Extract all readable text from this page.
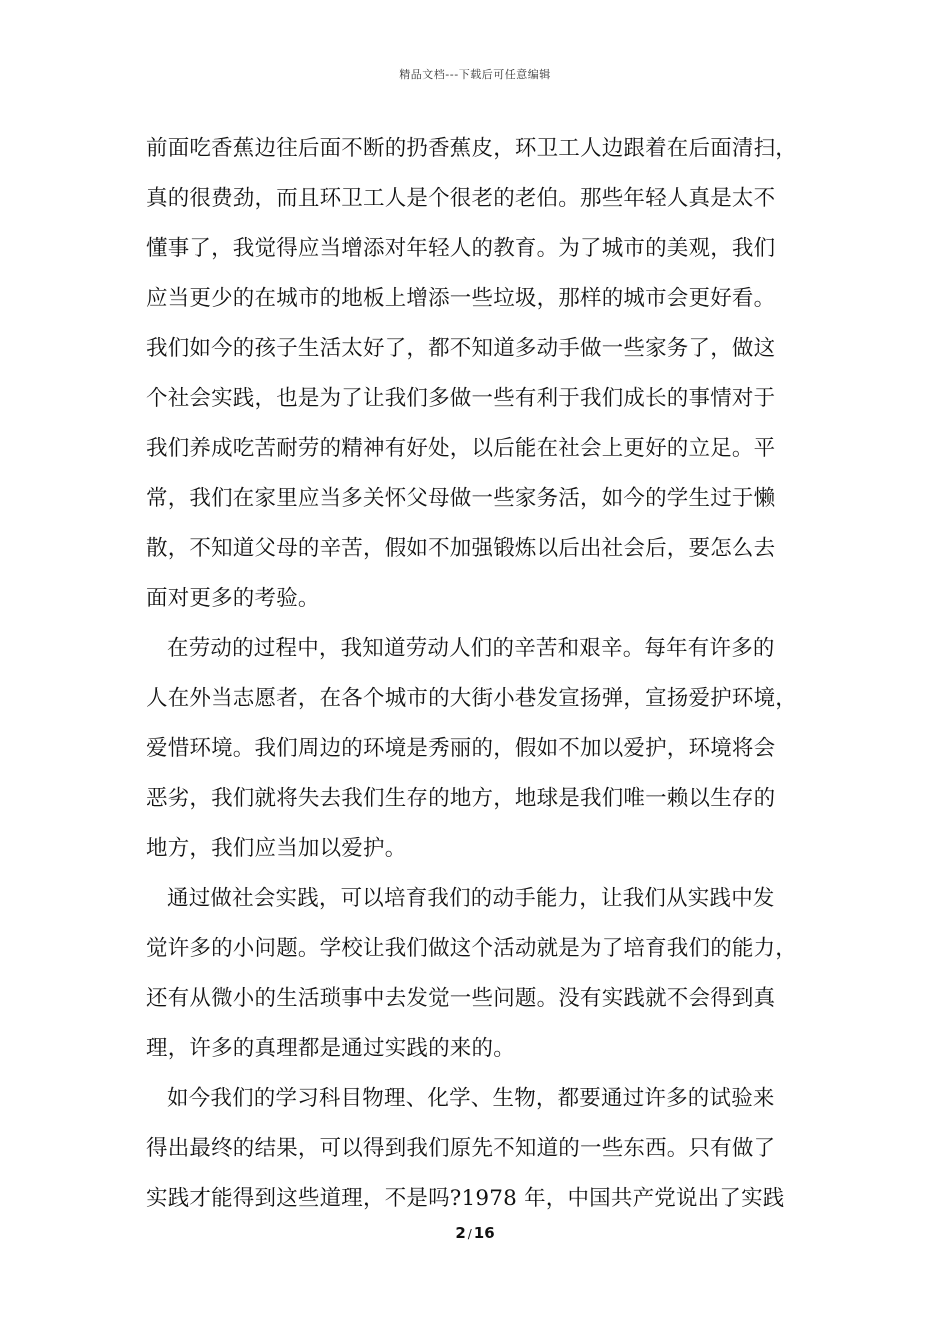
精品文档---下载后可任意编辑
前面吃香蕉边往后面不断的扔香蕉皮，环卫工人边跟着在后面清扫，
真的很费劲，而且环卫工人是个很老的老伯。那些年轻人真是太不
懂事了，我觉得应当增添对年轻人的教育。为了城市的美观，我们
应当更少的在城市的地板上增添一些垃圾，那样的城市会更好看。
我们如今的孩子生活太好了，都不知道多动手做一些家务了，做这
个社会实践，也是为了让我们多做一些有利于我们成长的事情对于
我们养成吃苦耐劳的精神有好处，以后能在社会上更好的立足。平
常，我们在家里应当多关怀父母做一些家务活，如今的学生过于懒
散，不知道父母的辛苦，假如不加强锻炼以后出社会后，要怎么去
面对更多的考验。
在劳动的过程中，我知道劳动人们的辛苦和艰辛。每年有许多的
人在外当志愿者，在各个城市的大街小巷发宣扬弹，宣扬爱护环境，
爱惜环境。我们周边的环境是秀丽的，假如不加以爱护，环境将会
恶劣，我们就将失去我们生存的地方，地球是我们唯一赖以生存的
地方，我们应当加以爱护。
通过做社会实践，可以培育我们的动手能力，让我们从实践中发
觉许多的小问题。学校让我们做这个活动就是为了培育我们的能力，
还有从微小的生活琐事中去发觉一些问题。没有实践就不会得到真
理，许多的真理都是通过实践的来的。
如今我们的学习科目物理、化学、生物，都要通过许多的试验来
得出最终的结果，可以得到我们原先不知道的一些东西。只有做了
实践才能得到这些道理，不是吗?1978 年，中国共产党说出了实践
2 / 16
